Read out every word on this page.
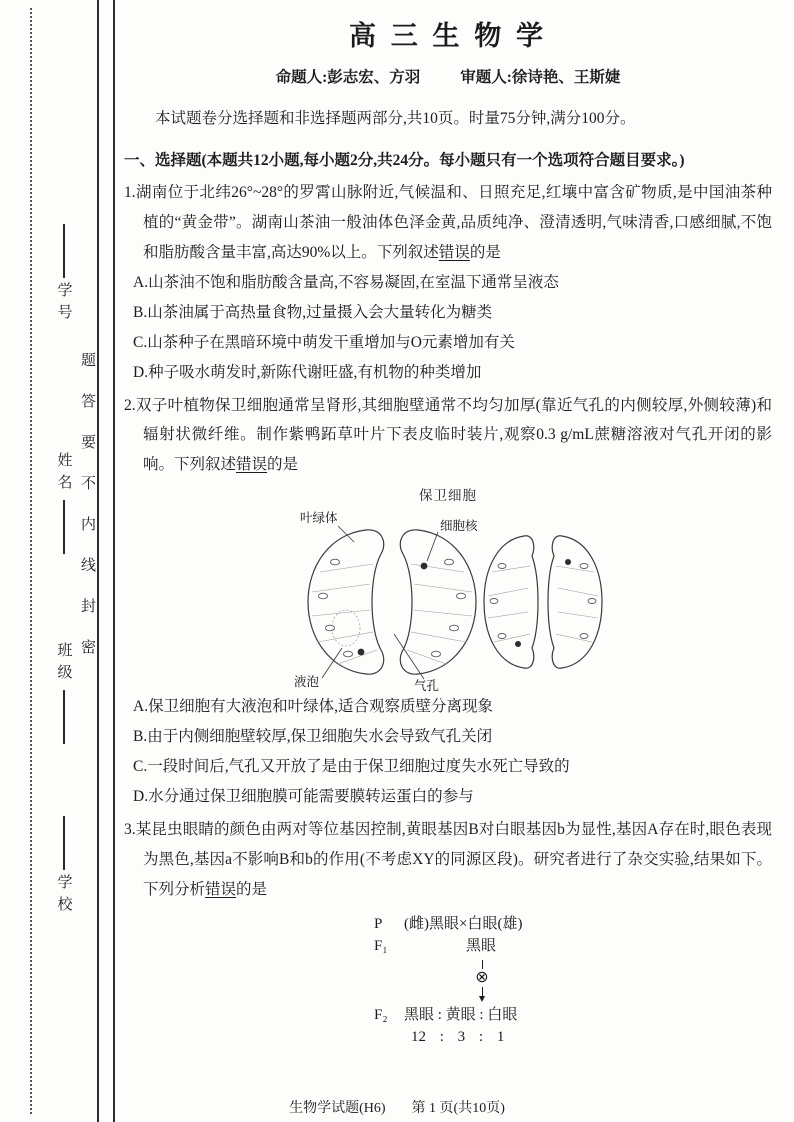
学号
姓名
班级
学校
题答要不内线封密
高 三 生 物 学
命题人:彭志宏、方羽	审题人:徐诗艳、王斯婕

本试题卷分选择题和非选择题两部分,共10页。时量75分钟,满分100分。

一、选择题(本题共12小题,每小题2分,共24分。每小题只有一个选项符合题目要求。)

1.湖南位于北纬26°~28°的罗霄山脉附近,气候温和、日照充足,红壤中富含矿物质,是中国油茶种植的“黄金带”。湖南山茶油一般油体色泽金黄,品质纯净、澄清透明,气味清香,口感细腻,不饱和脂肪酸含量丰富,高达90%以上。下列叙述错误的是

A.山茶油不饱和脂肪酸含量高,不容易凝固,在室温下通常呈液态
B.山茶油属于高热量食物,过量摄入会大量转化为糖类
C.山茶种子在黑暗环境中萌发干重增加与O元素增加有关
D.种子吸水萌发时,新陈代谢旺盛,有机物的种类增加

2.双子叶植物保卫细胞通常呈肾形,其细胞壁通常不均匀加厚(靠近气孔的内侧较厚,外侧较薄)和辐射状微纤维。制作紫鸭跖草叶片下表皮临时装片,观察0.3 g/mL蔗糖溶液对气孔开闭的影响。下列叙述错误的是

保卫细胞
叶绿体
细胞核
液泡	气孔
A.保卫细胞有大液泡和叶绿体,适合观察质壁分离现象
B.由于内侧细胞壁较厚,保卫细胞失水会导致气孔关闭
C.一段时间后,气孔又开放了是由于保卫细胞过度失水死亡导致的
D.水分通过保卫细胞膜可能需要膜转运蛋白的参与

3.某昆虫眼睛的颜色由两对等位基因控制,黄眼基因B对白眼基因b为显性,基因A存在时,眼色表现为黑色,基因a不影响B和b的作用(不考虑XY的同源区段)。研究者进行了杂交实验,结果如下。下列分析错误的是

P	(雌)黑眼×白眼(雄)
F₁	黑眼
⊗
F₂	黑眼 : 黄眼 : 白眼
12 : 3 : 1
生物学试题(H6) 第 1 页(共10页)
